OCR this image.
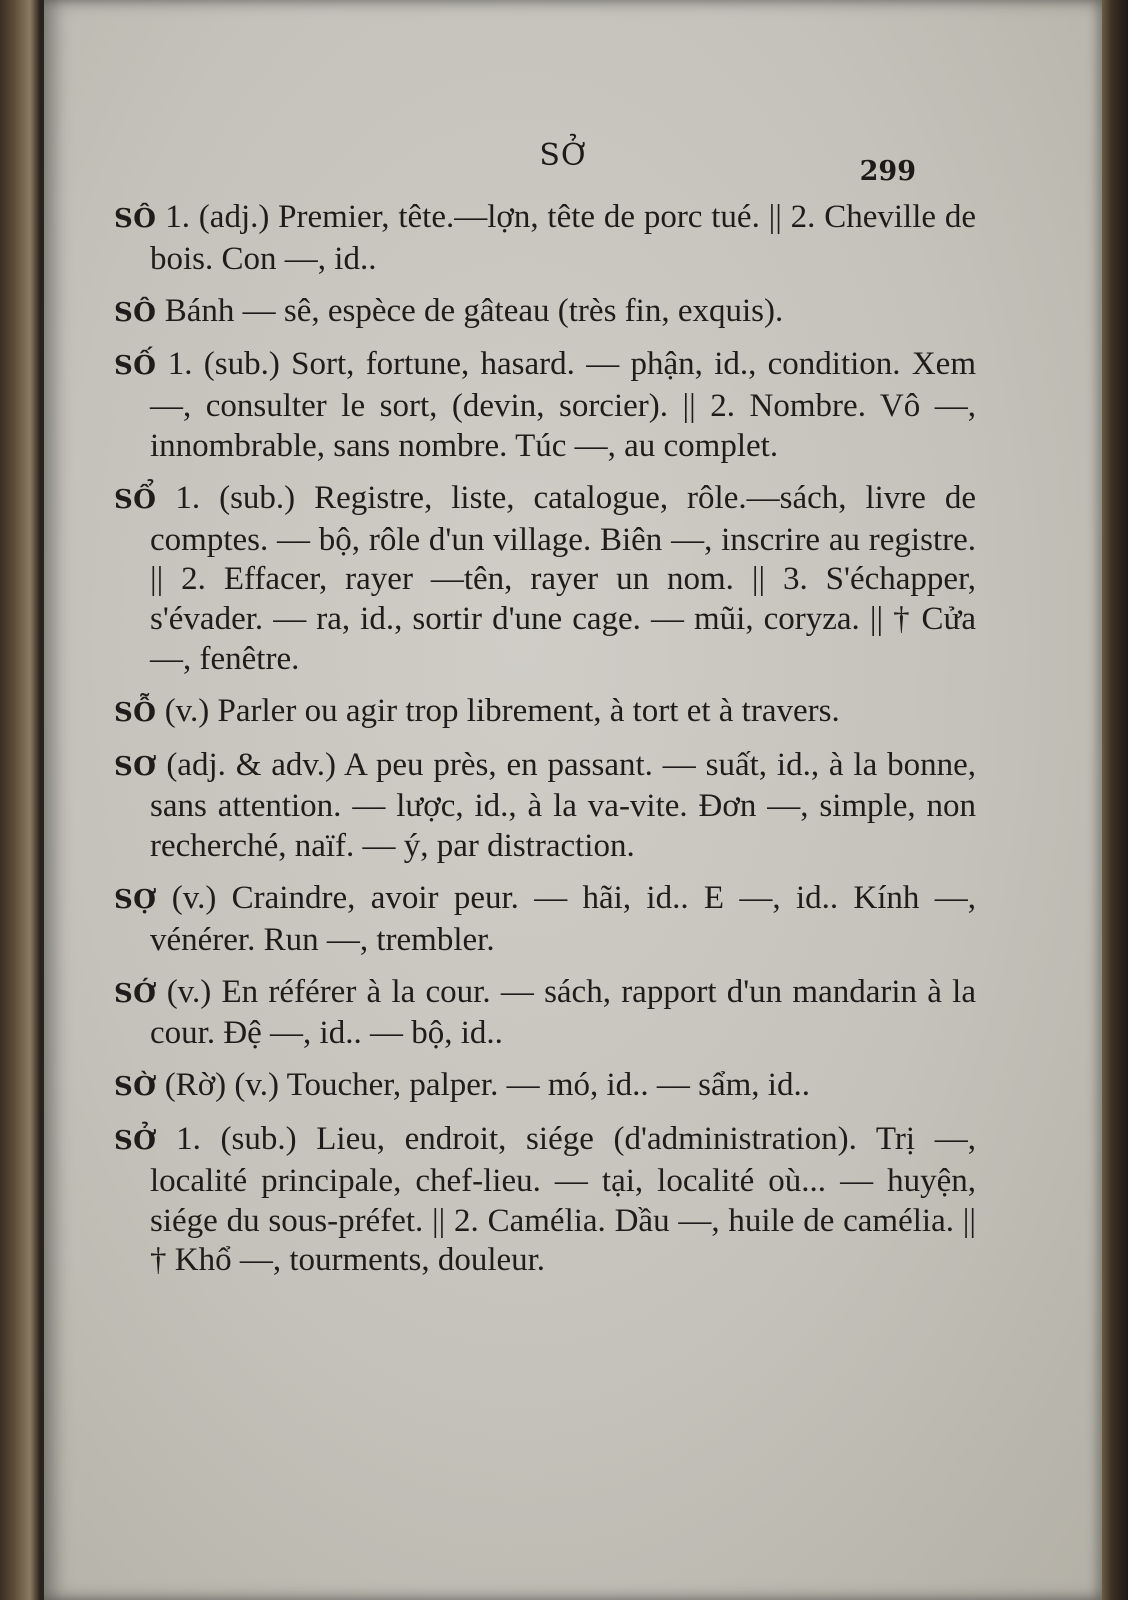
SỞ	299

SÔ 1. (adj.) Premier, tête.—lợn, tête de porc tué. || 2. Cheville de bois. Con —, id..

SÔ Bánh — sê, espèce de gâteau (très fin, exquis).

SỐ 1. (sub.) Sort, fortune, hasard. — phận, id., condition. Xem—, consulter le sort, (devin, sorcier). || 2. Nombre. Vô —, innombrable, sans nombre. Túc —, au complet.

SỔ 1. (sub.) Registre, liste, catalogue, rôle.—sách, livre de comptes. — bộ, rôle d'un village. Biên —, inscrire au registre. || 2. Effacer, rayer —tên, rayer un nom. || 3. S'échapper, s'évader. — ra, id., sortir d'une cage. — mũi, coryza. || † Cửa —, fenêtre.

SỖ (v.) Parler ou agir trop librement, à tort et à travers.

SƠ (adj. & adv.) A peu près, en passant. — suất, id., à la bonne, sans attention. — lược, id., à la va-vite. Đơn —, simple, non recherché, naïf. — ý, par distraction.

SỢ (v.) Craindre, avoir peur. — hãi, id.. E —, id.. Kính —, vénérer. Run —, trembler.

SỚ (v.) En référer à la cour. — sách, rapport d'un mandarin à la cour. Đệ —, id.. — bộ, id..

SỜ (Rờ) (v.) Toucher, palper. — mó, id.. — sẩm, id..

SỞ 1. (sub.) Lieu, endroit, siége (d'administration). Trị —, localité principale, chef-lieu. — tại, localité où... — huyện, siége du sous-préfet. || 2. Camélia. Dầu —, huile de camélia. || † Khổ —, tourments, douleur.
